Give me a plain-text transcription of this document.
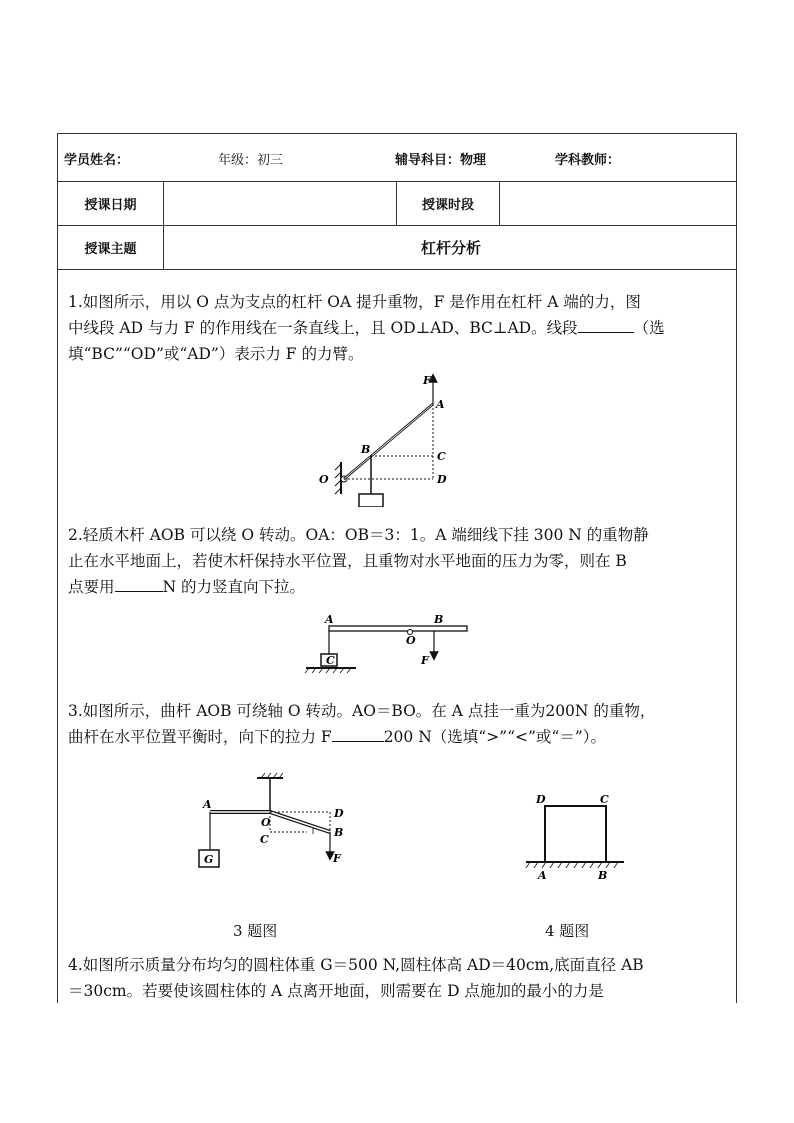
学员姓名：	年级：初三	辅导科目：物理	学科教师：
授课日期	授课时段
授课主题	杠杆分析
1.如图所示，用以 O 点为支点的杠杆 OA 提升重物，F 是作用在杠杆 A 端的力，图
中线段 AD 与力 F 的作用线在一条直线上，且 OD⊥AD、BC⊥AD。线段	（选
填“BC”“OD”或“AD”）表示力 F 的力臂。
F
A
B
C
D
O
2.轻质木杆 AOB 可以绕 O 转动。OA：OB＝3：1。A 端细线下挂 300 N 的重物静
止在水平地面上，若使木杆保持水平位置，且重物对水平地面的压力为零，则在 B
点要用	N 的力竖直向下拉。
A
O
B
F
C
3.如图所示，曲杆 AOB 可绕轴 O 转动。AO＝BO。在 A 点挂一重为200N 的重物，
曲杆在水平位置平衡时，向下的拉力 F	200 N（选填“>”“<”或“＝”）。
G
A
O
D
B
C
F
3 题图
D	C
A	B
4 题图
4.如图所示质量分布均匀的圆柱体重 G＝500 N,圆柱体高 AD＝40cm,底面直径 AB
＝30cm。若要使该圆柱体的 A 点离开地面，则需要在 D 点施加的最小的力是
